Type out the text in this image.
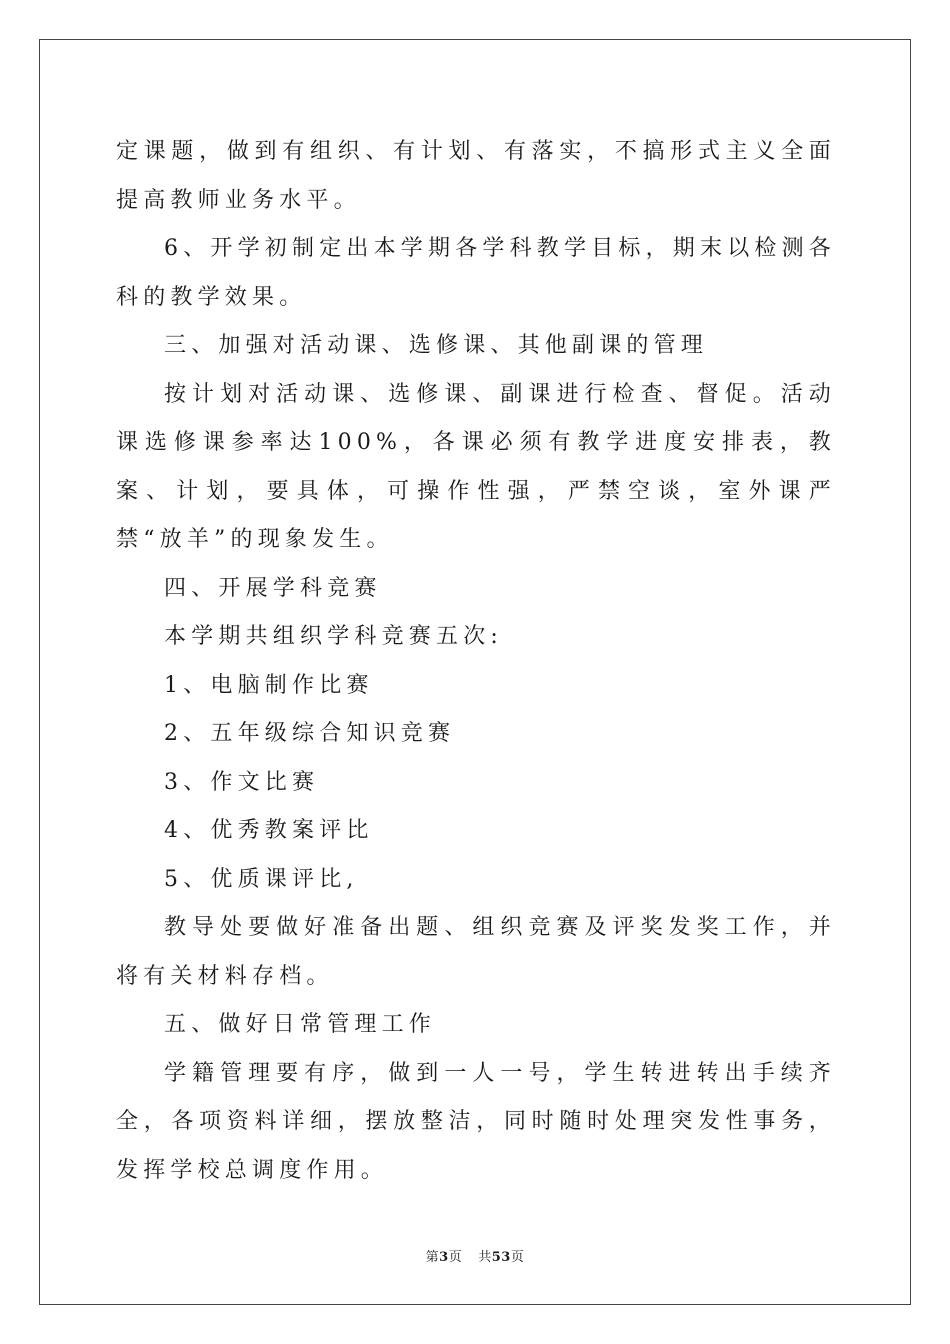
定课题，做到有组织、有计划、有落实，不搞形式主义全面提高教师业务水平。

6、开学初制定出本学期各学科教学目标，期末以检测各科的教学效果。

三、加强对活动课、选修课、其他副课的管理

按计划对活动课、选修课、副课进行检查、督促。活动课选修课参率达100%，各课必须有教学进度安排表，教案、计划，要具体，可操作性强，严禁空谈，室外课严禁“放羊”的现象发生。

四、开展学科竞赛

本学期共组织学科竞赛五次:

1、电脑制作比赛

2、五年级综合知识竞赛

3、作文比赛

4、优秀教案评比

5、优质课评比,

教导处要做好准备出题、组织竞赛及评奖发奖工作，并将有关材料存档。

五、做好日常管理工作

学籍管理要有序，做到一人一号，学生转进转出手续齐全，各项资料详细，摆放整洁，同时随时处理突发性事务，发挥学校总调度作用。

第3页 共53页
